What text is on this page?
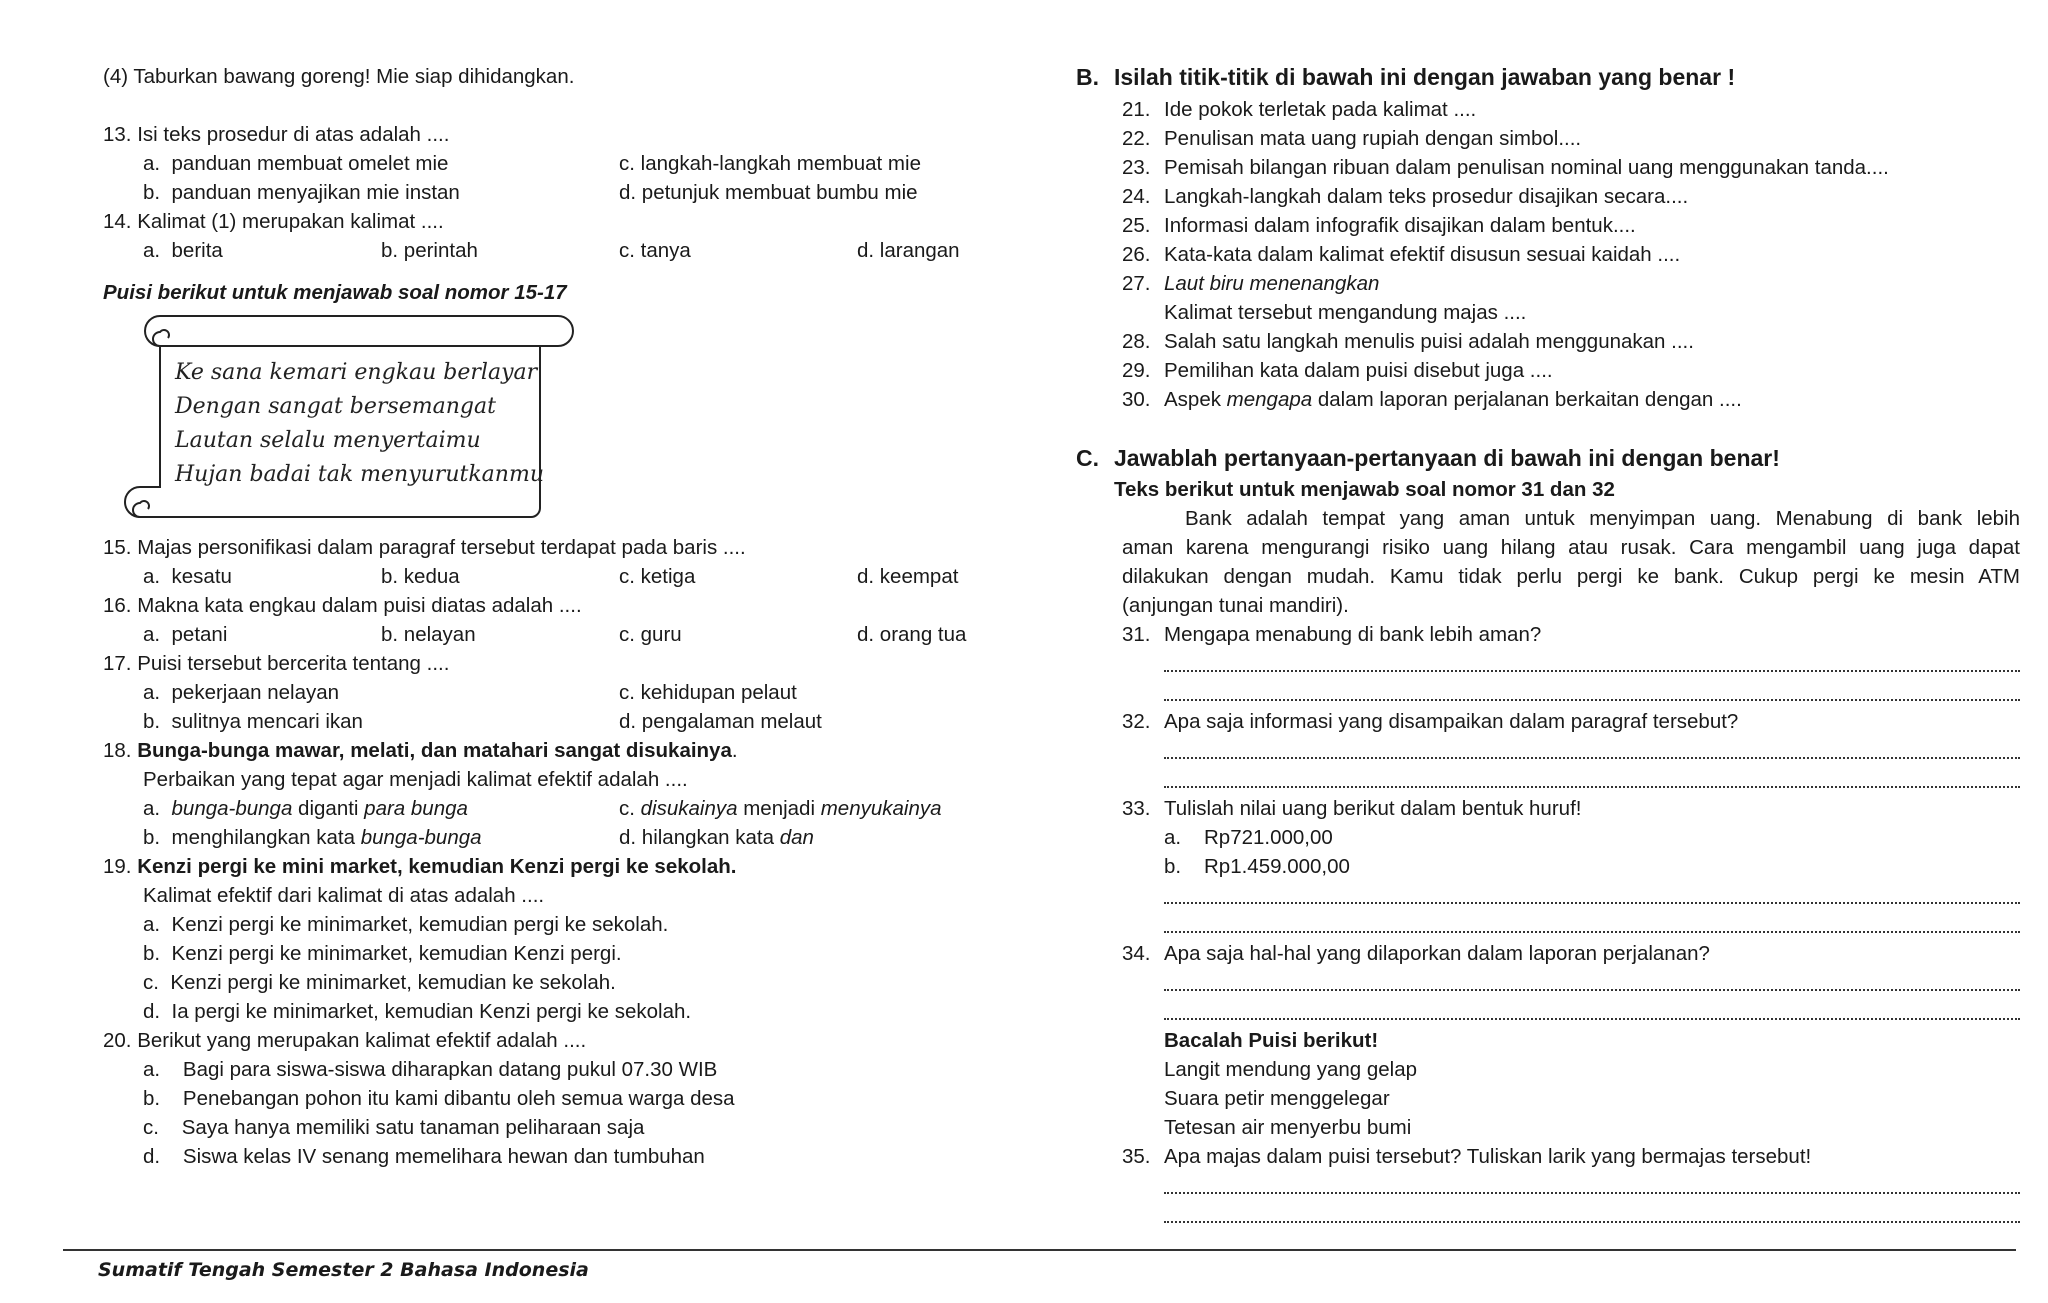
(4) Taburkan bawang goreng! Mie siap dihidangkan.
13. Isi teks prosedur di atas adalah ....
a. panduan membuat omelet mie	c. langkah-langkah membuat mie
b. panduan menyajikan mie instan	d. petunjuk membuat bumbu mie
14. Kalimat (1) merupakan kalimat ....
a. berita	b. perintah	c. tanya	d. larangan
Puisi berikut untuk menjawab soal nomor 15-17
Ke sana kemari engkau berlayar
Dengan sangat bersemangat
Lautan selalu menyertaimu
Hujan badai tak menyurutkanmu
15. Majas personifikasi dalam paragraf tersebut terdapat pada baris ....
a. kesatu	b. kedua	c. ketiga	d. keempat
16. Makna kata engkau dalam puisi diatas adalah ....
a. petani	b. nelayan	c. guru	d. orang tua
17. Puisi tersebut bercerita tentang ....
a. pekerjaan nelayan	c. kehidupan pelaut
b. sulitnya mencari ikan	d. pengalaman melaut
18. Bunga-bunga mawar, melati, dan matahari sangat disukainya.
Perbaikan yang tepat agar menjadi kalimat efektif adalah ....
a. bunga-bunga diganti para bunga	c. disukainya menjadi menyukainya
b. menghilangkan kata bunga-bunga	d. hilangkan kata dan
19. Kenzi pergi ke mini market, kemudian Kenzi pergi ke sekolah.
Kalimat efektif dari kalimat di atas adalah ....
a. Kenzi pergi ke minimarket, kemudian pergi ke sekolah.
b. Kenzi pergi ke minimarket, kemudian Kenzi pergi.
c. Kenzi pergi ke minimarket, kemudian ke sekolah.
d. Ia pergi ke minimarket, kemudian Kenzi pergi ke sekolah.
20. Berikut yang merupakan kalimat efektif adalah ....
a. Bagi para siswa-siswa diharapkan datang pukul 07.30 WIB
b. Penebangan pohon itu kami dibantu oleh semua warga desa
c. Saya hanya memiliki satu tanaman peliharaan saja
d. Siswa kelas IV senang memelihara hewan dan tumbuhan
B. Isilah titik-titik di bawah ini dengan jawaban yang benar !
21. Ide pokok terletak pada kalimat ....
22. Penulisan mata uang rupiah dengan simbol....
23. Pemisah bilangan ribuan dalam penulisan nominal uang menggunakan tanda....
24. Langkah-langkah dalam teks prosedur disajikan secara....
25. Informasi dalam infografik disajikan dalam bentuk....
26. Kata-kata dalam kalimat efektif disusun sesuai kaidah ....
27. Laut biru menenangkan
Kalimat tersebut mengandung majas ....
28. Salah satu langkah menulis puisi adalah menggunakan ....
29. Pemilihan kata dalam puisi disebut juga ....
30. Aspek mengapa dalam laporan perjalanan berkaitan dengan ....
C. Jawablah pertanyaan-pertanyaan di bawah ini dengan benar!
Teks berikut untuk menjawab soal nomor 31 dan 32
Bank adalah tempat yang aman untuk menyimpan uang. Menabung di bank lebih
aman karena mengurangi risiko uang hilang atau rusak. Cara mengambil uang juga dapat
dilakukan dengan mudah. Kamu tidak perlu pergi ke bank. Cukup pergi ke mesin ATM
(anjungan tunai mandiri).
31. Mengapa menabung di bank lebih aman?
32. Apa saja informasi yang disampaikan dalam paragraf tersebut?
33. Tulislah nilai uang berikut dalam bentuk huruf!
a. Rp721.000,00
b. Rp1.459.000,00
34. Apa saja hal-hal yang dilaporkan dalam laporan perjalanan?
Bacalah Puisi berikut!
Langit mendung yang gelap
Suara petir menggelegar
Tetesan air menyerbu bumi
35. Apa majas dalam puisi tersebut? Tuliskan larik yang bermajas tersebut!
Sumatif Tengah Semester 2 Bahasa Indonesia
